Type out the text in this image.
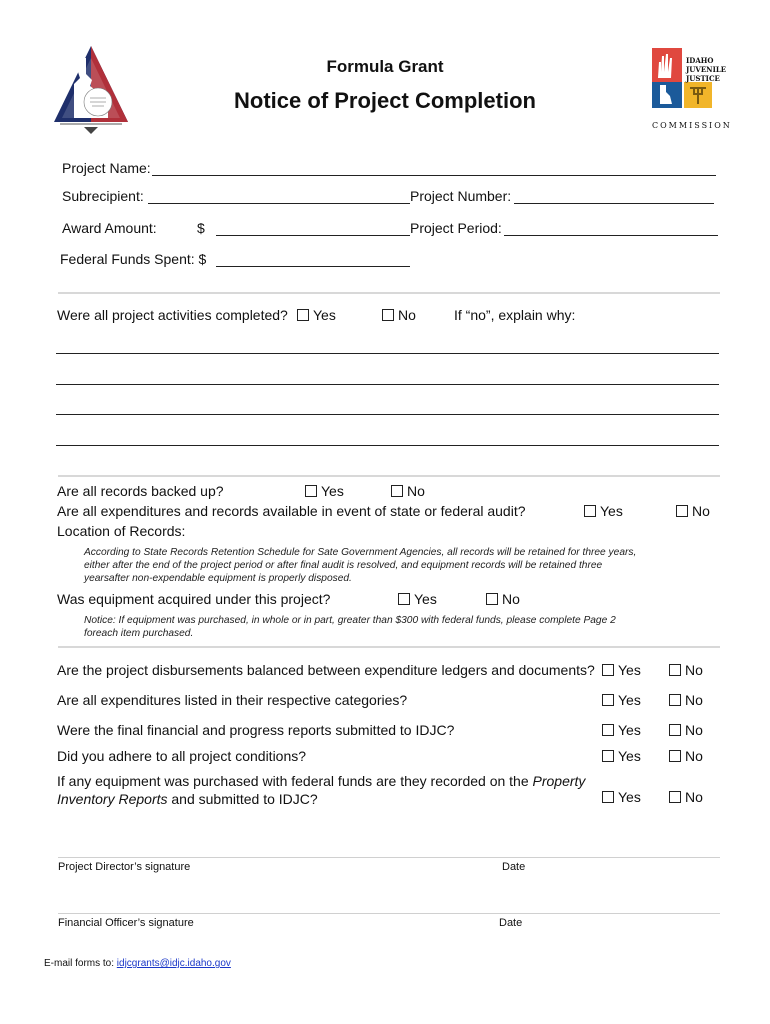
IDAHO
JUVENILE
JUSTICE
COMMISSION
Formula Grant
Notice of Project Completion
Project Name:
Subrecipient:	Project Number:
Award Amount:	$	Project Period:
Federal Funds Spent: $
Were all project activities completed? Yes	No	If “no”, explain why:
Are all records backed up?	Yes	No
Are all expenditures and records available in event of state or federal audit?	Yes	No
Location of Records:
According to State Records Retention Schedule for Sate Government Agencies, all records will be retained for three years,
either after the end of the project period or after final audit is resolved, and equipment records will be retained three
yearsafter non-expendable equipment is properly disposed.
Was equipment acquired under this project?	Yes	No
Notice: If equipment was purchased, in whole or in part, greater than $300 with federal funds, please complete Page 2
foreach item purchased.
Are the project disbursements balanced between expenditure ledgers and documents? Yes	No
Are all expenditures listed in their respective categories?	Yes	No
Were the final financial and progress reports submitted to IDJC?	Yes	No
Did you adhere to all project conditions?	Yes	No
If any equipment was purchased with federal funds are they recorded on the Property
Inventory Reports and submitted to IDJC?	Yes	No
Project Director’s signature	Date
Financial Officer’s signature	Date
E-mail forms to: idjcgrants@idjc.idaho.gov
